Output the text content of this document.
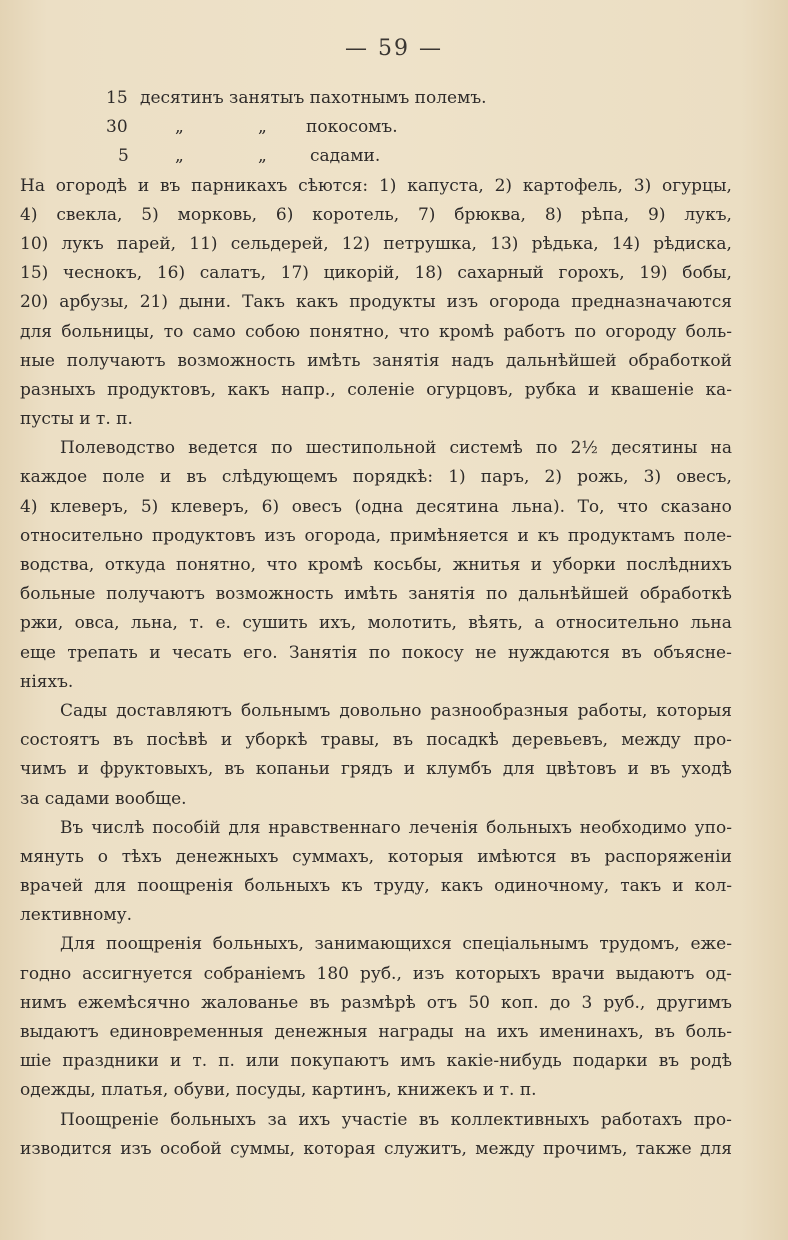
— 59 —
15 десятинъ занятыъ пахотнымъ полемъ.
30	„	„ покосомъ.
5	„	„	садами.
На огородѣ и въ парникахъ сѣются: 1) капуста, 2) картофель, 3) огурцы,
4) свекла, 5) морковь, 6) коротель, 7) брюква, 8) рѣпа, 9) лукъ,
10) лукъ парей, 11) сельдерей, 12) петрушка, 13) рѣдька, 14) рѣдиска,
15) чеснокъ, 16) салатъ, 17) цикорій, 18) сахарный горохъ, 19) бобы,
20) арбузы, 21) дыни. Такъ какъ продукты изъ огорода предназначаются
для больницы, то само собою понятно, что кромѣ работъ по огороду боль-
ные получаютъ возможность имѣть занятія надъ дальнѣйшей обработкой
разныхъ продуктовъ, какъ напр., соленіе огурцовъ, рубка и квашеніе ка-
пусты и т. п.
Полеводство ведется по шестипольной системѣ по 2½ десятины на
каждое поле и въ слѣдующемъ порядкѣ: 1) паръ, 2) рожь, 3) овесъ,
4) клеверъ, 5) клеверъ, 6) овесъ (одна десятина льна). То, что сказано
относительно продуктовъ изъ огорода, примѣняется и къ продуктамъ поле-
водства, откуда понятно, что кромѣ косьбы, жнитья и уборки послѣднихъ
больные получаютъ возможность имѣть занятія по дальнѣйшей обработкѣ
ржи, овса, льна, т. е. сушить ихъ, молотить, вѣять, а относительно льна
еще трепать и чесать его. Занятія по покосу не нуждаются въ объясне-
ніяхъ.
Сады доставляютъ больнымъ довольно разнообразныя работы, которыя
состоятъ въ посѣвѣ и уборкѣ травы, въ посадкѣ деревьевъ, между про-
чимъ и фруктовыхъ, въ копаньи грядъ и клумбъ для цвѣтовъ и въ уходѣ
за садами вообще.
Въ числѣ пособій для нравственнаго леченія больныхъ необходимо упо-
мянуть о тѣхъ денежныхъ суммахъ, которыя имѣются въ распоряженіи
врачей для поощренія больныхъ къ труду, какъ одиночному, такъ и кол-
лективному.
Для поощренія больныхъ, занимающихся спеціальнымъ трудомъ, еже-
годно ассигнуется собраніемъ 180 руб., изъ которыхъ врачи выдаютъ од-
нимъ ежемѣсячно жалованье въ размѣрѣ отъ 50 коп. до 3 руб., другимъ
выдаютъ единовременныя денежныя награды на ихъ именинахъ, въ боль-
шіе праздники и т. п. или покупаютъ имъ какіе-нибудь подарки въ родѣ
одежды, платья, обуви, посуды, картинъ, книжекъ и т. п.
Поощреніе больныхъ за ихъ участіе въ коллективныхъ работахъ про-
изводится изъ особой суммы, которая служитъ, между прочимъ, также для
